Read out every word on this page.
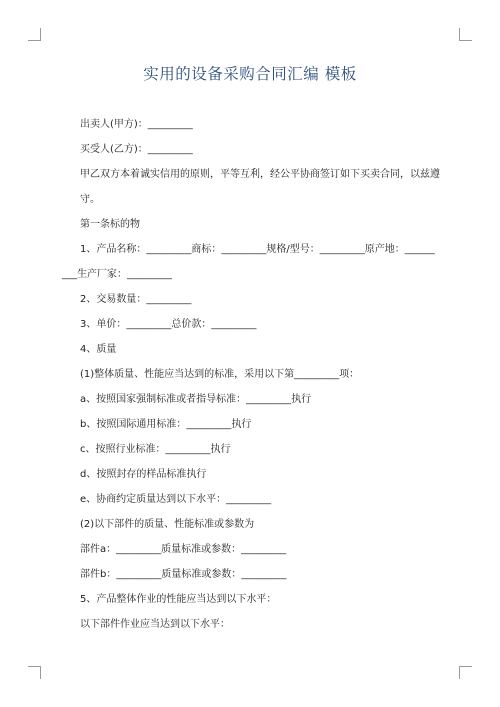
实用的设备采购合同汇编 模板

出卖人(甲方)：_________

买受人(乙方)：_________

甲乙双方本着诚实信用的原则，平等互利，经公平协商签订如下买卖合同，以兹遵守。

第一条标的物

1、产品名称：_________商标：_________规格/型号：_________原产地：______

___生产厂家：_________

2、交易数量：_________

3、单价：_________总价款：_________

4、质量

(1)整体质量、性能应当达到的标准，采用以下第_________项：

a、按照国家强制标准或者指导标准：_________执行

b、按照国际通用标准：_________执行

c、按照行业标准：_________执行

d、按照封存的样品标准执行

e、协商约定质量达到以下水平：_________

(2)以下部件的质量、性能标准或参数为

部件a：_________质量标准或参数：_________

部件b：_________质量标准或参数：_________

5、产品整体作业的性能应当达到以下水平：

以下部件作业应当达到以下水平：
